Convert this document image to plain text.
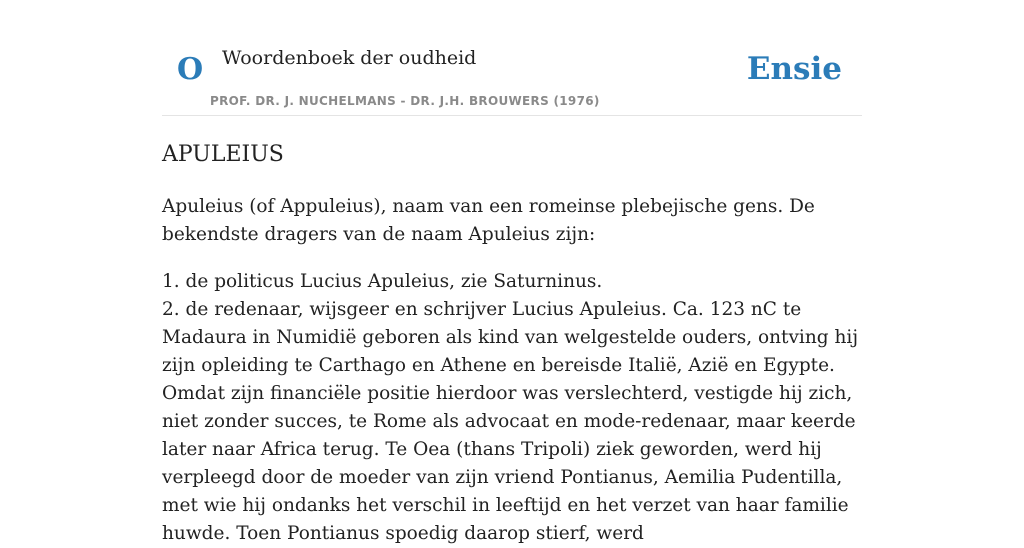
O Woordenboek der oudheid	Ensie
PROF. DR. J. NUCHELMANS - DR. J.H. BROUWERS (1976)
APULEIUS

Apuleius (of Appuleius), naam van een romeinse plebejische gens. De bekendste dragers van de naam Apuleius zijn:

1. de politicus Lucius Apuleius, zie Saturninus.

2. de redenaar, wijsgeer en schrijver Lucius Apuleius. Ca. 123 nC te Madaura in Numidië geboren als kind van welgestelde ouders, ontving hij zijn opleiding te Carthago en Athene en bereisde Italië, Azië en Egypte. Omdat zijn financiële positie hierdoor was verslechterd, vestigde hij zich, niet zonder succes, te Rome als advocaat en mode-redenaar, maar keerde later naar Africa terug. Te Oea (thans Tripoli) ziek geworden, werd hij verpleegd door de moeder van zijn vriend Pontianus, Aemilia Pudentilla, met wie hij ondanks het verschil in leeftijd en het verzet van haar familie huwde. Toen Pontianus spoedig daarop stierf, werd
